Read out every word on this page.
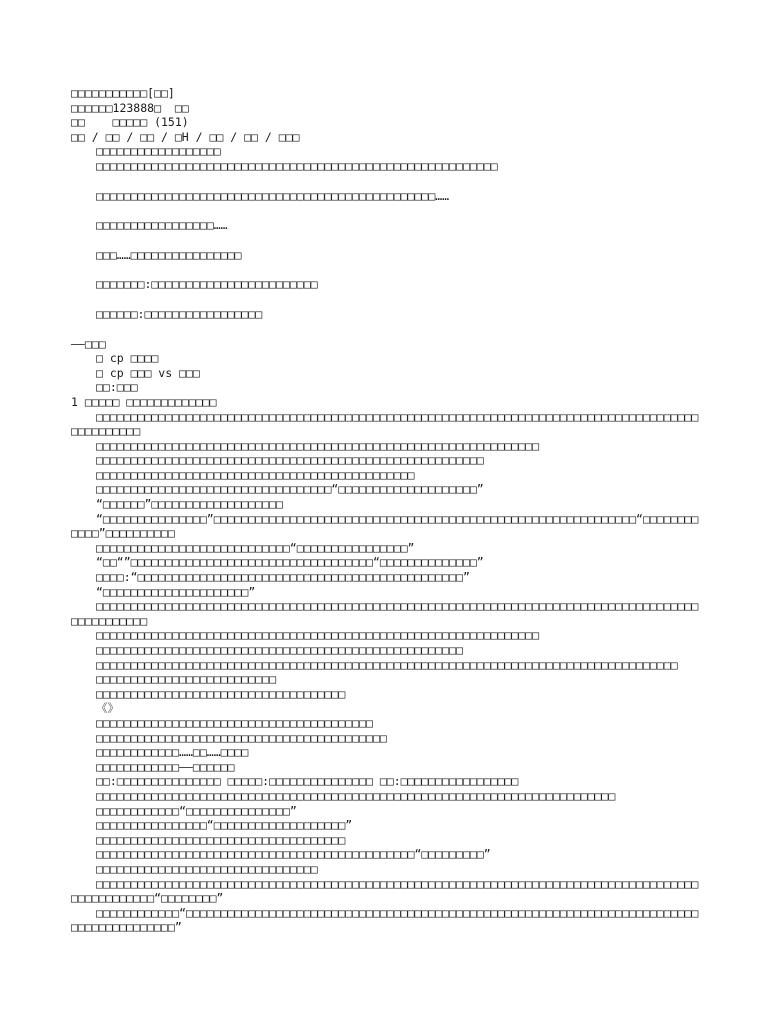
□□□□□□□□□□□[□□]
□□□□□□123888□  □□
□□    □□□□□ (151)
□□ / □□ / □□ / □H / □□ / □□ / □□□
□□□□□□□□□□□□□□□□□□
□□□□□□□□□□□□□□□□□□□□□□□□□□□□□□□□□□□□□□□□□□□□□□□□□□□□□□□□□□
□□□□□□□□□□□□□□□□□□□□□□□□□□□□□□□□□□□□□□□□□□□□□□□□□……
□□□□□□□□□□□□□□□□□……
□□□……□□□□□□□□□□□□□□□□
□□□□□□□:□□□□□□□□□□□□□□□□□□□□□□□□
□□□□□□:□□□□□□□□□□□□□□□□□
——□□□
□ cp □□□□
□ cp □□□ vs □□□
□□:□□□
1 □□□□□ □□□□□□□□□□□□□
□□□□□□□□□□□□□□□□□□□□□□□□□□□□□□□□□□□□□□□□□□□□□□□□□□□□□□□□□□□□□□□□□□□□□□□□□□□□□□□□□□□□□□□□□□□□□□□□□
□□□□□□□□□□□□□□□□□□□□□□□□□□□□□□□□□□□□□□□□□□□□□□□□□□□□□□□□□□□□□□□□
□□□□□□□□□□□□□□□□□□□□□□□□□□□□□□□□□□□□□□□□□□□□□□□□□□□□□□□□
□□□□□□□□□□□□□□□□□□□□□□□□□□□□□□□□□□□□□□□□□□□□□□
□□□□□□□□□□□□□□□□□□□□□□□□□□□□□□□□□□“□□□□□□□□□□□□□□□□□□□□”
“□□□□□□”□□□□□□□□□□□□□□□□□□□
“□□□□□□□□□□□□□□□”□□□□□□□□□□□□□□□□□□□□□□□□□□□□□□□□□□□□□□□□□□□□□□□□□□□□□□□□□□□□□“□□□□□□□□□□□□”□□□□□□□□□□
□□□□□□□□□□□□□□□□□□□□□□□□□□□□“□□□□□□□□□□□□□□□□”
“□□“”□□□□□□□□□□□□□□□□□□□□□□□□□□□□□□□□□□□“□□□□□□□□□□□□□□”
□□□□:“□□□□□□□□□□□□□□□□□□□□□□□□□□□□□□□□□□□□□□□□□□□□□□□”
“□□□□□□□□□□□□□□□□□□□□□”
□□□□□□□□□□□□□□□□□□□□□□□□□□□□□□□□□□□□□□□□□□□□□□□□□□□□□□□□□□□□□□□□□□□□□□□□□□□□□□□□□□□□□□□□□□□□□□□□□□
□□□□□□□□□□□□□□□□□□□□□□□□□□□□□□□□□□□□□□□□□□□□□□□□□□□□□□□□□□□□□□□□
□□□□□□□□□□□□□□□□□□□□□□□□□□□□□□□□□□□□□□□□□□□□□□□□□□□□□
□□□□□□□□□□□□□□□□□□□□□□□□□□□□□□□□□□□□□□□□□□□□□□□□□□□□□□□□□□□□□□□□□□□□□□□□□□□□□□□□□□□□
□□□□□□□□□□□□□□□□□□□□□□□□□□
□□□□□□□□□□□□□□□□□□□□□□□□□□□□□□□□□□□□
《》
□□□□□□□□□□□□□□□□□□□□□□□□□□□□□□□□□□□□□□□□
□□□□□□□□□□□□□□□□□□□□□□□□□□□□□□□□□□□□□□□□□□
□□□□□□□□□□□□……□□……□□□□
□□□□□□□□□□□□——□□□□□□
□□:□□□□□□□□□□□□□□□ □□□□□:□□□□□□□□□□□□□□□ □□:□□□□□□□□□□□□□□□□□
□□□□□□□□□□□□□□□□□□□□□□□□□□□□□□□□□□□□□□□□□□□□□□□□□□□□□□□□□□□□□□□□□□□□□□□□□□□
□□□□□□□□□□□□“□□□□□□□□□□□□□□□”
□□□□□□□□□□□□□□□□“□□□□□□□□□□□□□□□□□□□”
□□□□□□□□□□□□□□□□□□□□□□□□□□□□□□□□□□□□
□□□□□□□□□□□□□□□□□□□□□□□□□□□□□□□□□□□□□□□□□□□□□□“□□□□□□□□□”
□□□□□□□□□□□□□□□□□□□□□□□□□□□□□□□□
□□□□□□□□□□□□□□□□□□□□□□□□□□□□□□□□□□□□□□□□□□□□□□□□□□□□□□□□□□□□□□□□□□□□□□□□□□□□□□□□□□□□□□□□□□□□□□□□□□□“□□□□□□□□”
□□□□□□□□□□□□“□□□□□□□□□□□□□□□□□□□□□□□□□□□□□□□□□□□□□□□□□□□□□□□□□□□□□□□□□□□□□□□□□□□□□□□□□□□□□□□□□□□□□□□□□”
